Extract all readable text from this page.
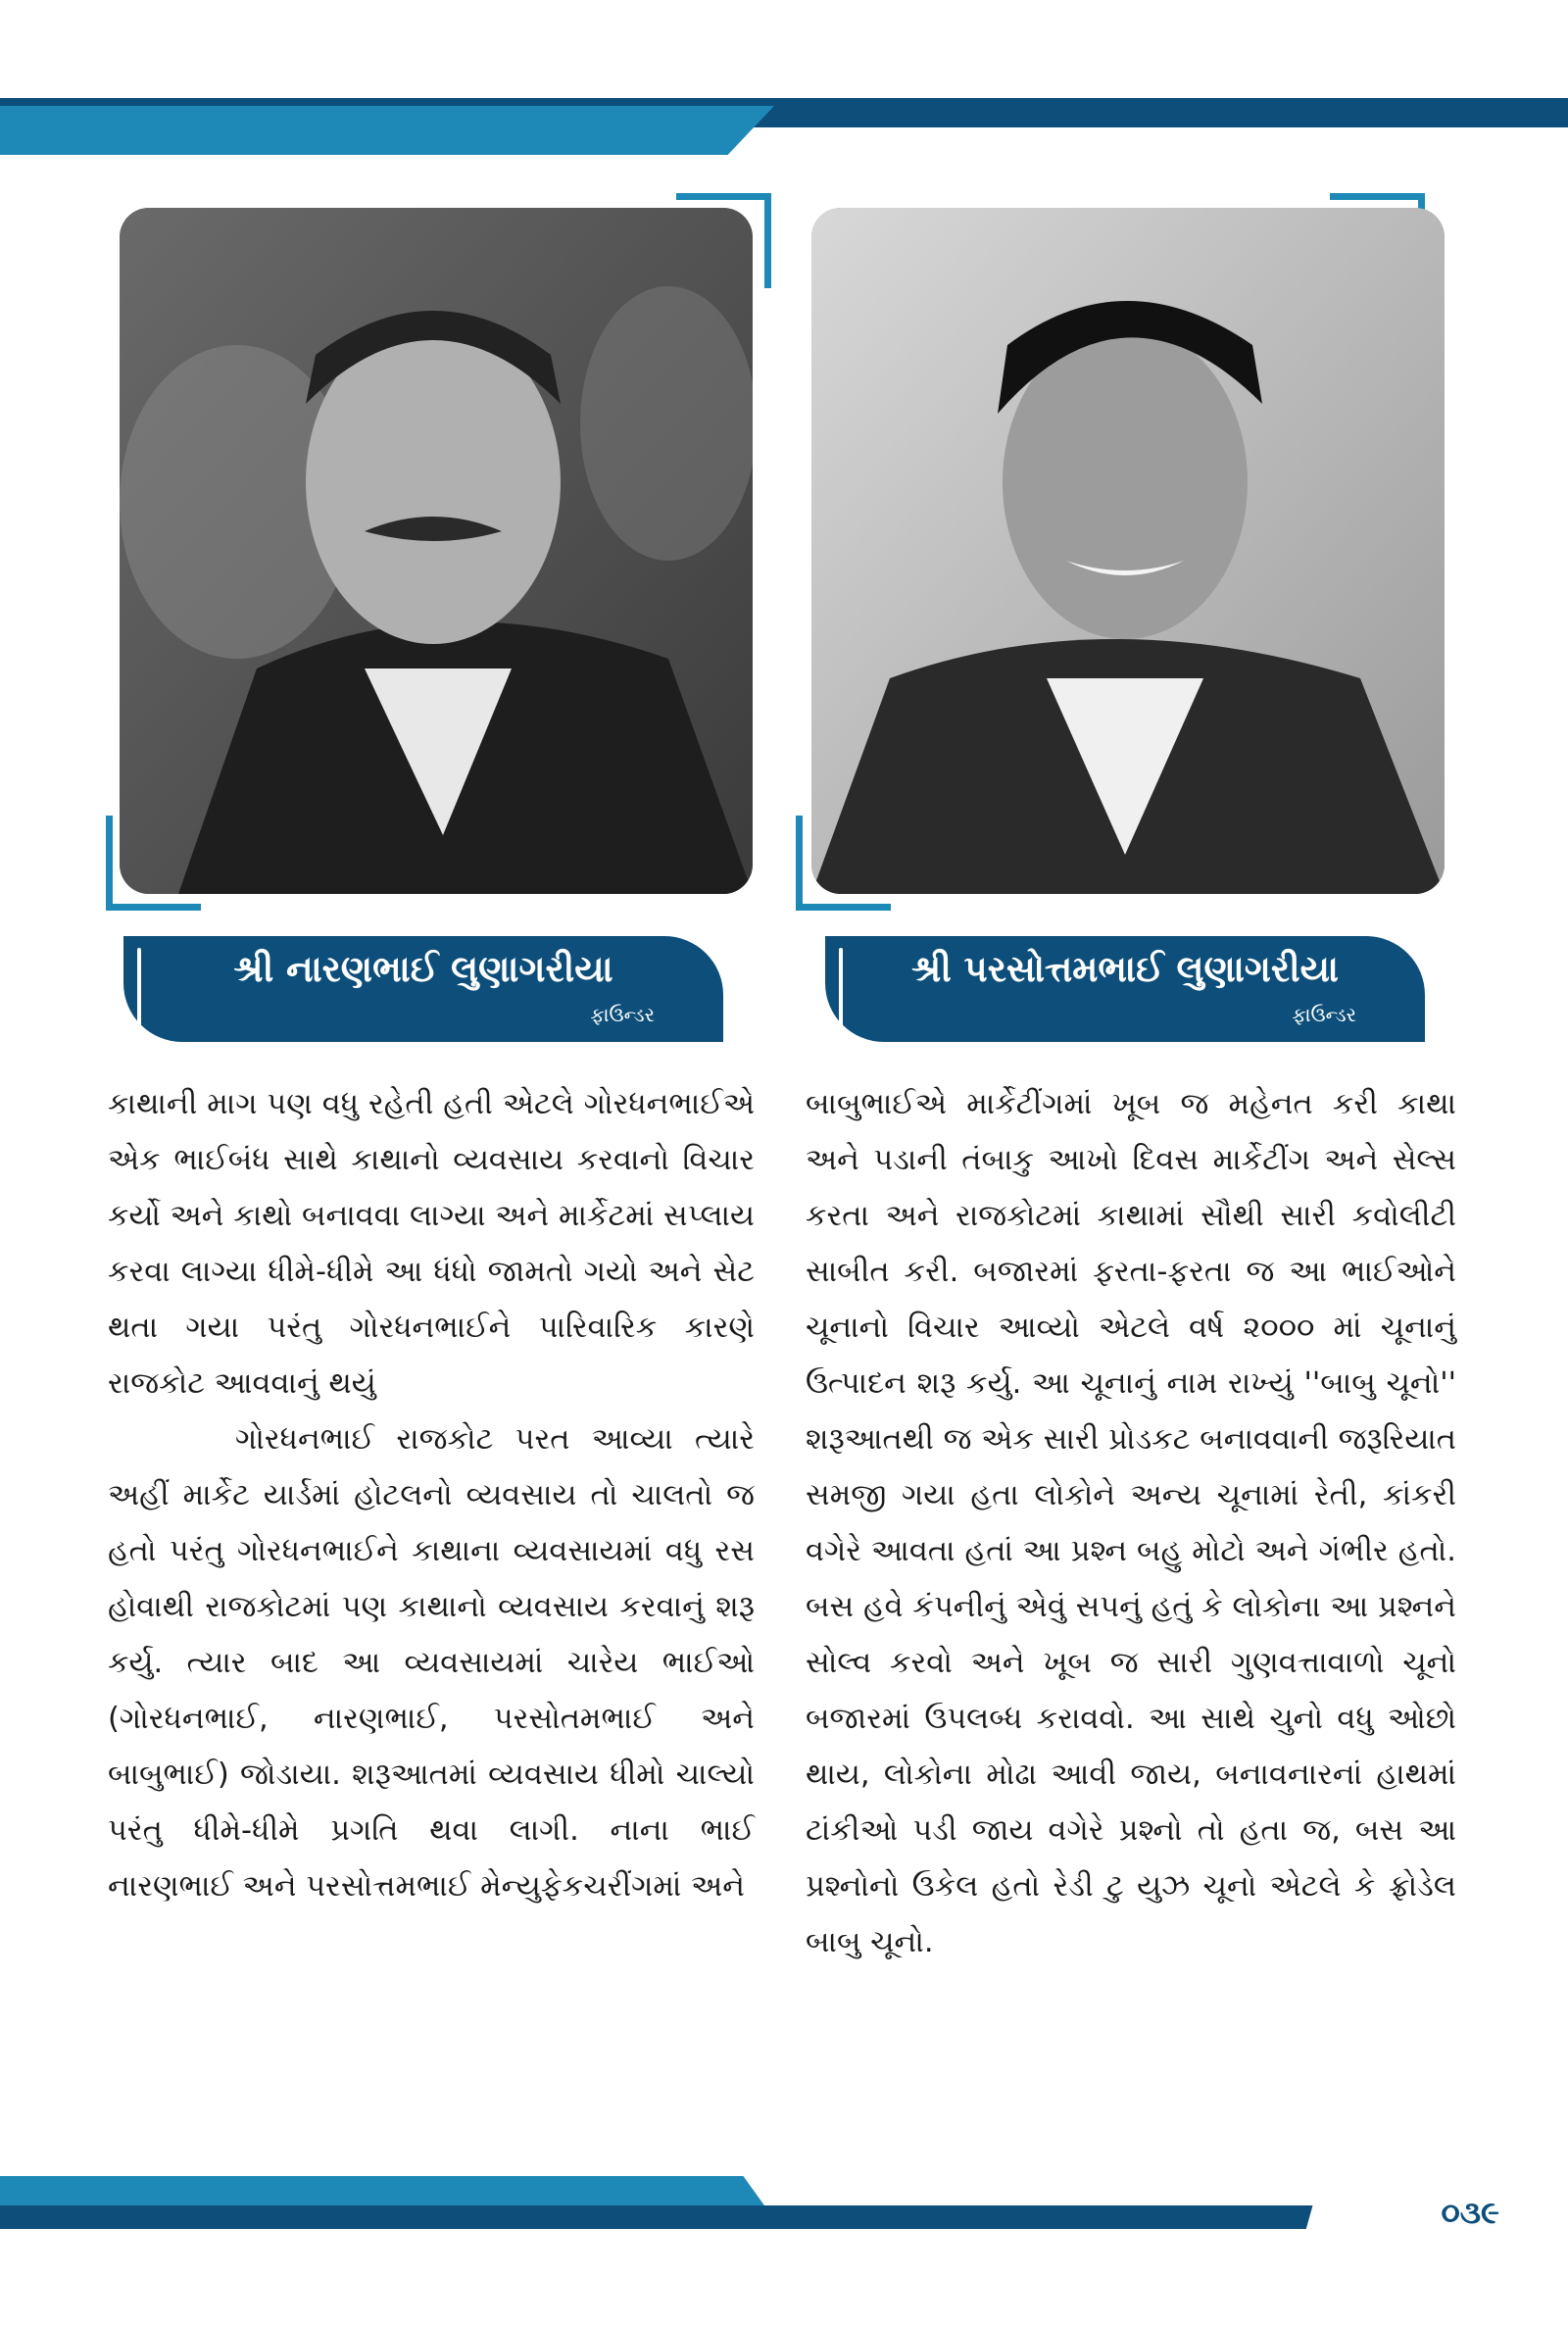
શ્રી નારણભાઈ લુણાગરીયા
ફાઉન્ડર
શ્રી પરસોત્તમભાઈ લુણાગરીયા
ફાઉન્ડર

કાથાની માગ પણ વધુ રહેતી હતી એટલે ગોરધનભાઈએ એક ભાઈબંધ સાથે કાથાનો વ્યવસાય કરવાનો વિચાર કર્યો અને કાથો બનાવવા લાગ્યા અને માર્કેટમાં સપ્લાય કરવા લાગ્યા ધીમે-ધીમે આ ધંધો જામતો ગયો અને સેટ થતા ગયા પરંતુ ગોરધનભાઈને પારિવારિક કારણે રાજકોટ આવવાનું થયું

ગોરધનભાઈ રાજકોટ પરત આવ્યા ત્યારે અહીં માર્કેટ યાર્ડમાં હોટલનો વ્યવસાય તો ચાલતો જ હતો પરંતુ ગોરધનભાઈને કાથાના વ્યવસાયમાં વધુ રસ હોવાથી રાજકોટમાં પણ કાથાનો વ્યવસાય કરવાનું શરૂ કર્યુ. ત્યાર બાદ આ વ્યવસાયમાં ચારેય ભાઈઓ (ગોરધનભાઈ, નારણભાઈ, પરસોતમભાઈ અને બાબુભાઈ) જોડાયા. શરૂઆતમાં વ્યવસાય ધીમો ચાલ્યો પરંતુ ધીમે-ધીમે પ્રગતિ થવા લાગી. નાના ભાઈ નારણભાઈ અને પરસોત્તમભાઈ મેન્યુફેકચરીંગમાં અને

બાબુભાઈએ માર્કેટીંગમાં ખૂબ જ મહેનત કરી કાથા અને પડાની તંબાકુ આખો દિવસ માર્કેટીંગ અને સેલ્સ કરતા અને રાજકોટમાં કાથામાં સૌથી સારી કવોલીટી સાબીત કરી. બજારમાં ફરતા-ફરતા જ આ ભાઈઓને ચૂનાનો વિચાર આવ્યો એટલે વર્ષ ૨૦૦૦ માં ચૂનાનું ઉત્પાદન શરૂ કર્યુ. આ ચૂનાનું નામ રાખ્યું ''બાબુ ચૂનો'' શરૂઆતથી જ એક સારી પ્રોડકટ બનાવવાની જરૂરિયાત સમજી ગયા હતા લોકોને અન્ય ચૂનામાં રેતી, કાંકરી વગેરે આવતા હતાં આ પ્રશ્ન બહુ મોટો અને ગંભીર હતો. બસ હવે કંપનીનું એવું સપનું હતું કે લોકોના આ પ્રશ્નને સોલ્વ કરવો અને ખૂબ જ સારી ગુણવત્તાવાળો ચૂનો બજારમાં ઉપલબ્ધ કરાવવો. આ સાથે ચુનો વધુ ઓછો થાય, લોકોના મોઢા આવી જાય, બનાવનારનાં હાથમાં ટાંકીઓ પડી જાય વગેરે પ્રશ્નો તો હતા જ, બસ આ પ્રશ્નોનો ઉકેલ હતો રેડી ટુ યુઝ ચૂનો એટલે કે ફ્રોડેલ બાબુ ચૂનો.

૦૩૯
